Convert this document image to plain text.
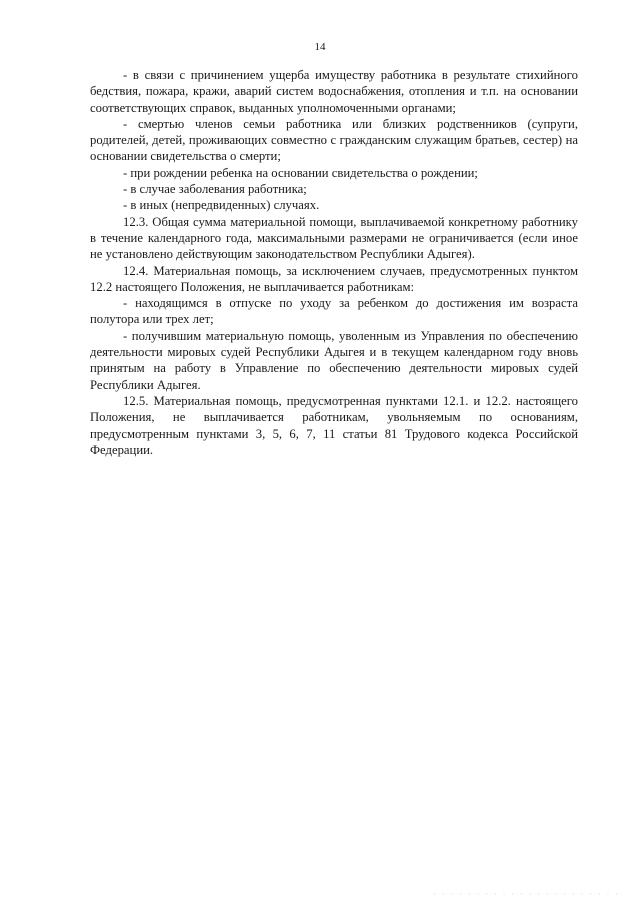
14

- в связи с причинением ущерба имуществу работника в результате стихийного бедствия, пожара, кражи, аварий систем водоснабжения, отопления и т.п. на основании соответствующих справок, выданных уполномоченными органами;

- смертью членов семьи работника или близких родственников (супруги, родителей, детей, проживающих совместно с гражданским служащим братьев, сестер) на основании свидетельства о смерти;

- при рождении ребенка на основании свидетельства о рождении;

- в случае заболевания работника;

- в иных (непредвиденных) случаях.

12.3. Общая сумма материальной помощи, выплачиваемой конкретному работнику в течение календарного года, максимальными размерами не ограничивается (если иное не установлено действующим законодательством Республики Адыгея).

12.4. Материальная помощь, за исключением случаев, предусмотренных пунктом 12.2 настоящего Положения, не выплачивается работникам:

- находящимся в отпуске по уходу за ребенком до достижения им возраста полутора или трех лет;

- получившим материальную помощь, уволенным из Управления по обеспечению деятельности мировых судей Республики Адыгея и в текущем календарном году вновь принятым на работу в Управление по обеспечению деятельности мировых судей Республики Адыгея.

12.5. Материальная помощь, предусмотренная пунктами 12.1. и 12.2. настоящего Положения, не выплачивается работникам, увольняемым по основаниям, предусмотренным пунктами 3, 5, 6, 7, 11 статьи 81 Трудового кодекса Российской Федерации.

· · · · · · · · · · · · · · · · · · · · · ·
